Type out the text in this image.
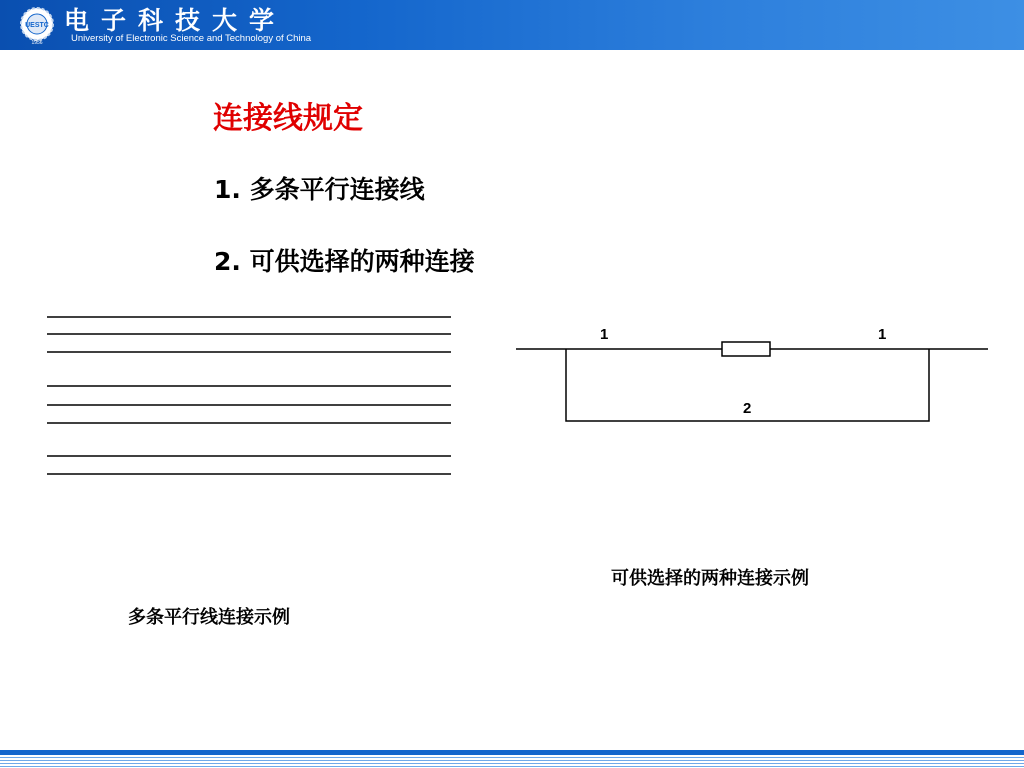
UESTC
1956
电子科技大学
University of Electronic Science and Technology of China
连接线规定
1. 多条平行连接线
2. 可供选择的两种连接
1	1
2
可供选择的两种连接示例
多条平行线连接示例
